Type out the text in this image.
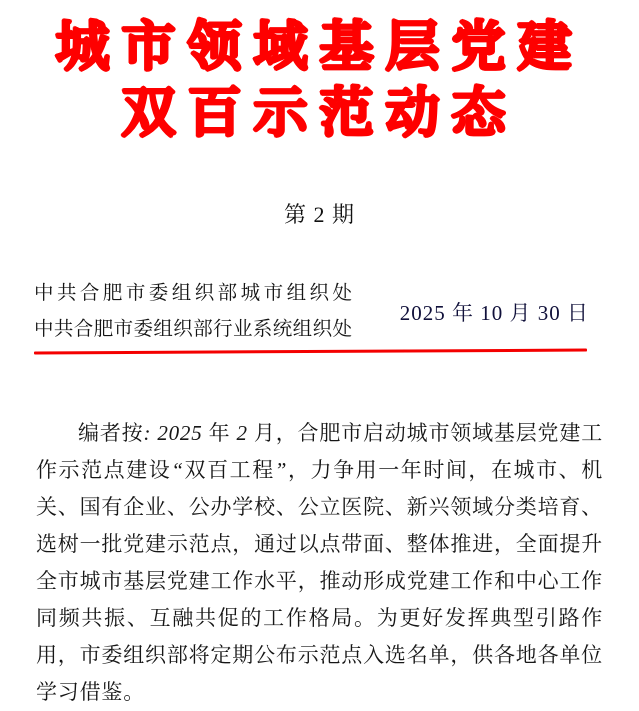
城市领域基层党建
双百示范动态
第 2 期
中共合肥市委组织部城市组织处
中共合肥市委组织部行业系统组织处
2025 年 10 月 30 日

编者按: 2025 年 2 月，合肥市启动城市领域基层党建工作示范点建设“双百工程”，力争用一年时间，在城市、机关、国有企业、公办学校、公立医院、新兴领域分类培育、选树一批党建示范点，通过以点带面、整体推进，全面提升全市城市基层党建工作水平，推动形成党建工作和中心工作同频共振、互融共促的工作格局。为更好发挥典型引路作用，市委组织部将定期公布示范点入选名单，供各地各单位学习借鉴。
